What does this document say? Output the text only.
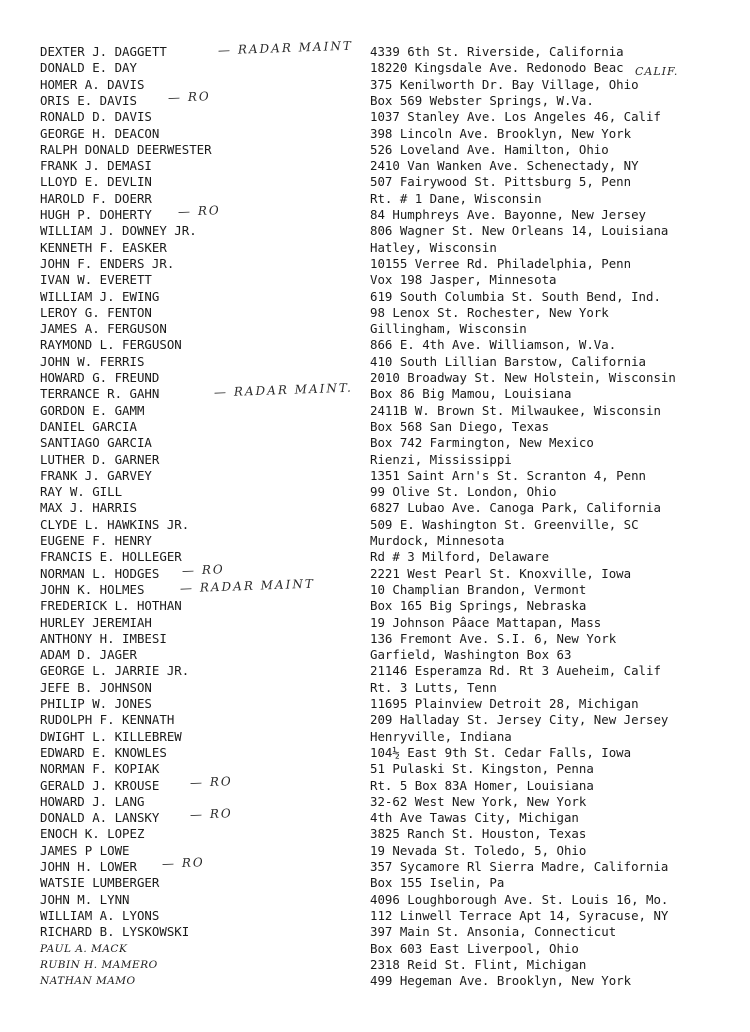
CALIF.
DEXTER J. DAGGETT	4339 6th St. Riverside, California
— RADAR MAINT
DONALD E. DAY	18220 Kingsdale Ave. Redonodo Beac
HOMER A. DAVIS	375 Kenilworth Dr. Bay Village, Ohio
ORIS E. DAVIS	Box 569 Webster Springs, W.Va.
— RO
RONALD D. DAVIS	1037 Stanley Ave. Los Angeles 46, Calif
GEORGE H. DEACON	398 Lincoln Ave. Brooklyn, New York
RALPH DONALD DEERWESTER	526 Loveland Ave. Hamilton, Ohio
FRANK J. DEMASI	2410 Van Wanken Ave. Schenectady, NY
LLOYD E. DEVLIN	507 Fairywood St. Pittsburg 5, Penn
HAROLD F. DOERR	Rt. # 1 Dane, Wisconsin
HUGH P. DOHERTY	84 Humphreys Ave. Bayonne, New Jersey
— RO
WILLIAM J. DOWNEY JR.	806 Wagner St. New Orleans 14, Louisiana
KENNETH F. EASKER	Hatley, Wisconsin
JOHN F. ENDERS JR.	10155 Verree Rd. Philadelphia, Penn
IVAN W. EVERETT	Vox 198 Jasper, Minnesota
WILLIAM J. EWING	619 South Columbia St. South Bend, Ind.
LEROY G. FENTON	98 Lenox St. Rochester, New York
JAMES A. FERGUSON	Gillingham, Wisconsin
RAYMOND L. FERGUSON	866 E. 4th Ave. Williamson, W.Va.
JOHN W. FERRIS	410 South Lillian Barstow, California
HOWARD G. FREUND	2010 Broadway St. New Holstein, Wisconsin
TERRANCE R. GAHN	Box 86 Big Mamou, Louisiana
— RADAR MAINT.
GORDON E. GAMM	2411B W. Brown St. Milwaukee, Wisconsin
DANIEL GARCIA	Box 568 San Diego, Texas
SANTIAGO GARCIA	Box 742 Farmington, New Mexico
LUTHER D. GARNER	Rienzi, Mississippi
FRANK J. GARVEY	1351 Saint Arn's St. Scranton 4, Penn
RAY W. GILL	99 Olive St. London, Ohio
MAX J. HARRIS	6827 Lubao Ave. Canoga Park, California
CLYDE L. HAWKINS JR.	509 E. Washington St. Greenville, SC
EUGENE F. HENRY	Murdock, Minnesota
FRANCIS E. HOLLEGER	Rd # 3 Milford, Delaware
NORMAN L. HODGES	2221 West Pearl St. Knoxville, Iowa
— RO
JOHN K. HOLMES	10 Champlian Brandon, Vermont
— RADAR MAINT
FREDERICK L. HOTHAN	Box 165 Big Springs, Nebraska
HURLEY JEREMIAH	19 Johnson Pâace Mattapan, Mass
ANTHONY H. IMBESI	136 Fremont Ave. S.I. 6, New York
ADAM D. JAGER	Garfield, Washington Box 63
GEORGE L. JARRIE JR.	21146 Esperamza Rd. Rt 3 Aueheim, Calif
JEFE B. JOHNSON	Rt. 3 Lutts, Tenn
PHILIP W. JONES	11695 Plainview Detroit 28, Michigan
RUDOLPH F. KENNATH	209 Halladay St. Jersey City, New Jersey
DWIGHT L. KILLEBREW	Henryville, Indiana
EDWARD E. KNOWLES	104½ East 9th St. Cedar Falls, Iowa
NORMAN F. KOPIAK	51 Pulaski St. Kingston, Penna
GERALD J. KROUSE	Rt. 5 Box 83A Homer, Louisiana
— RO
HOWARD J. LANG	32-62 West New York, New York
DONALD A. LANSKY	4th Ave Tawas City, Michigan
— RO
ENOCH K. LOPEZ	3825 Ranch St. Houston, Texas
JAMES P LOWE	19 Nevada St. Toledo, 5, Ohio
JOHN H. LOWER	357 Sycamore Rl Sierra Madre, California
— RO
WATSIE LUMBERGER	Box 155 Iselin, Pa
JOHN M. LYNN	4096 Loughborough Ave. St. Louis 16, Mo.
WILLIAM A. LYONS	112 Linwell Terrace Apt 14, Syracuse, NY
RICHARD B. LYSKOWSKI	397 Main St. Ansonia, Connecticut
PAUL A. MACK	Box 603 East Liverpool, Ohio
RUBIN H. MAMERO	2318 Reid St. Flint, Michigan
NATHAN MAMO	499 Hegeman Ave. Brooklyn, New York
